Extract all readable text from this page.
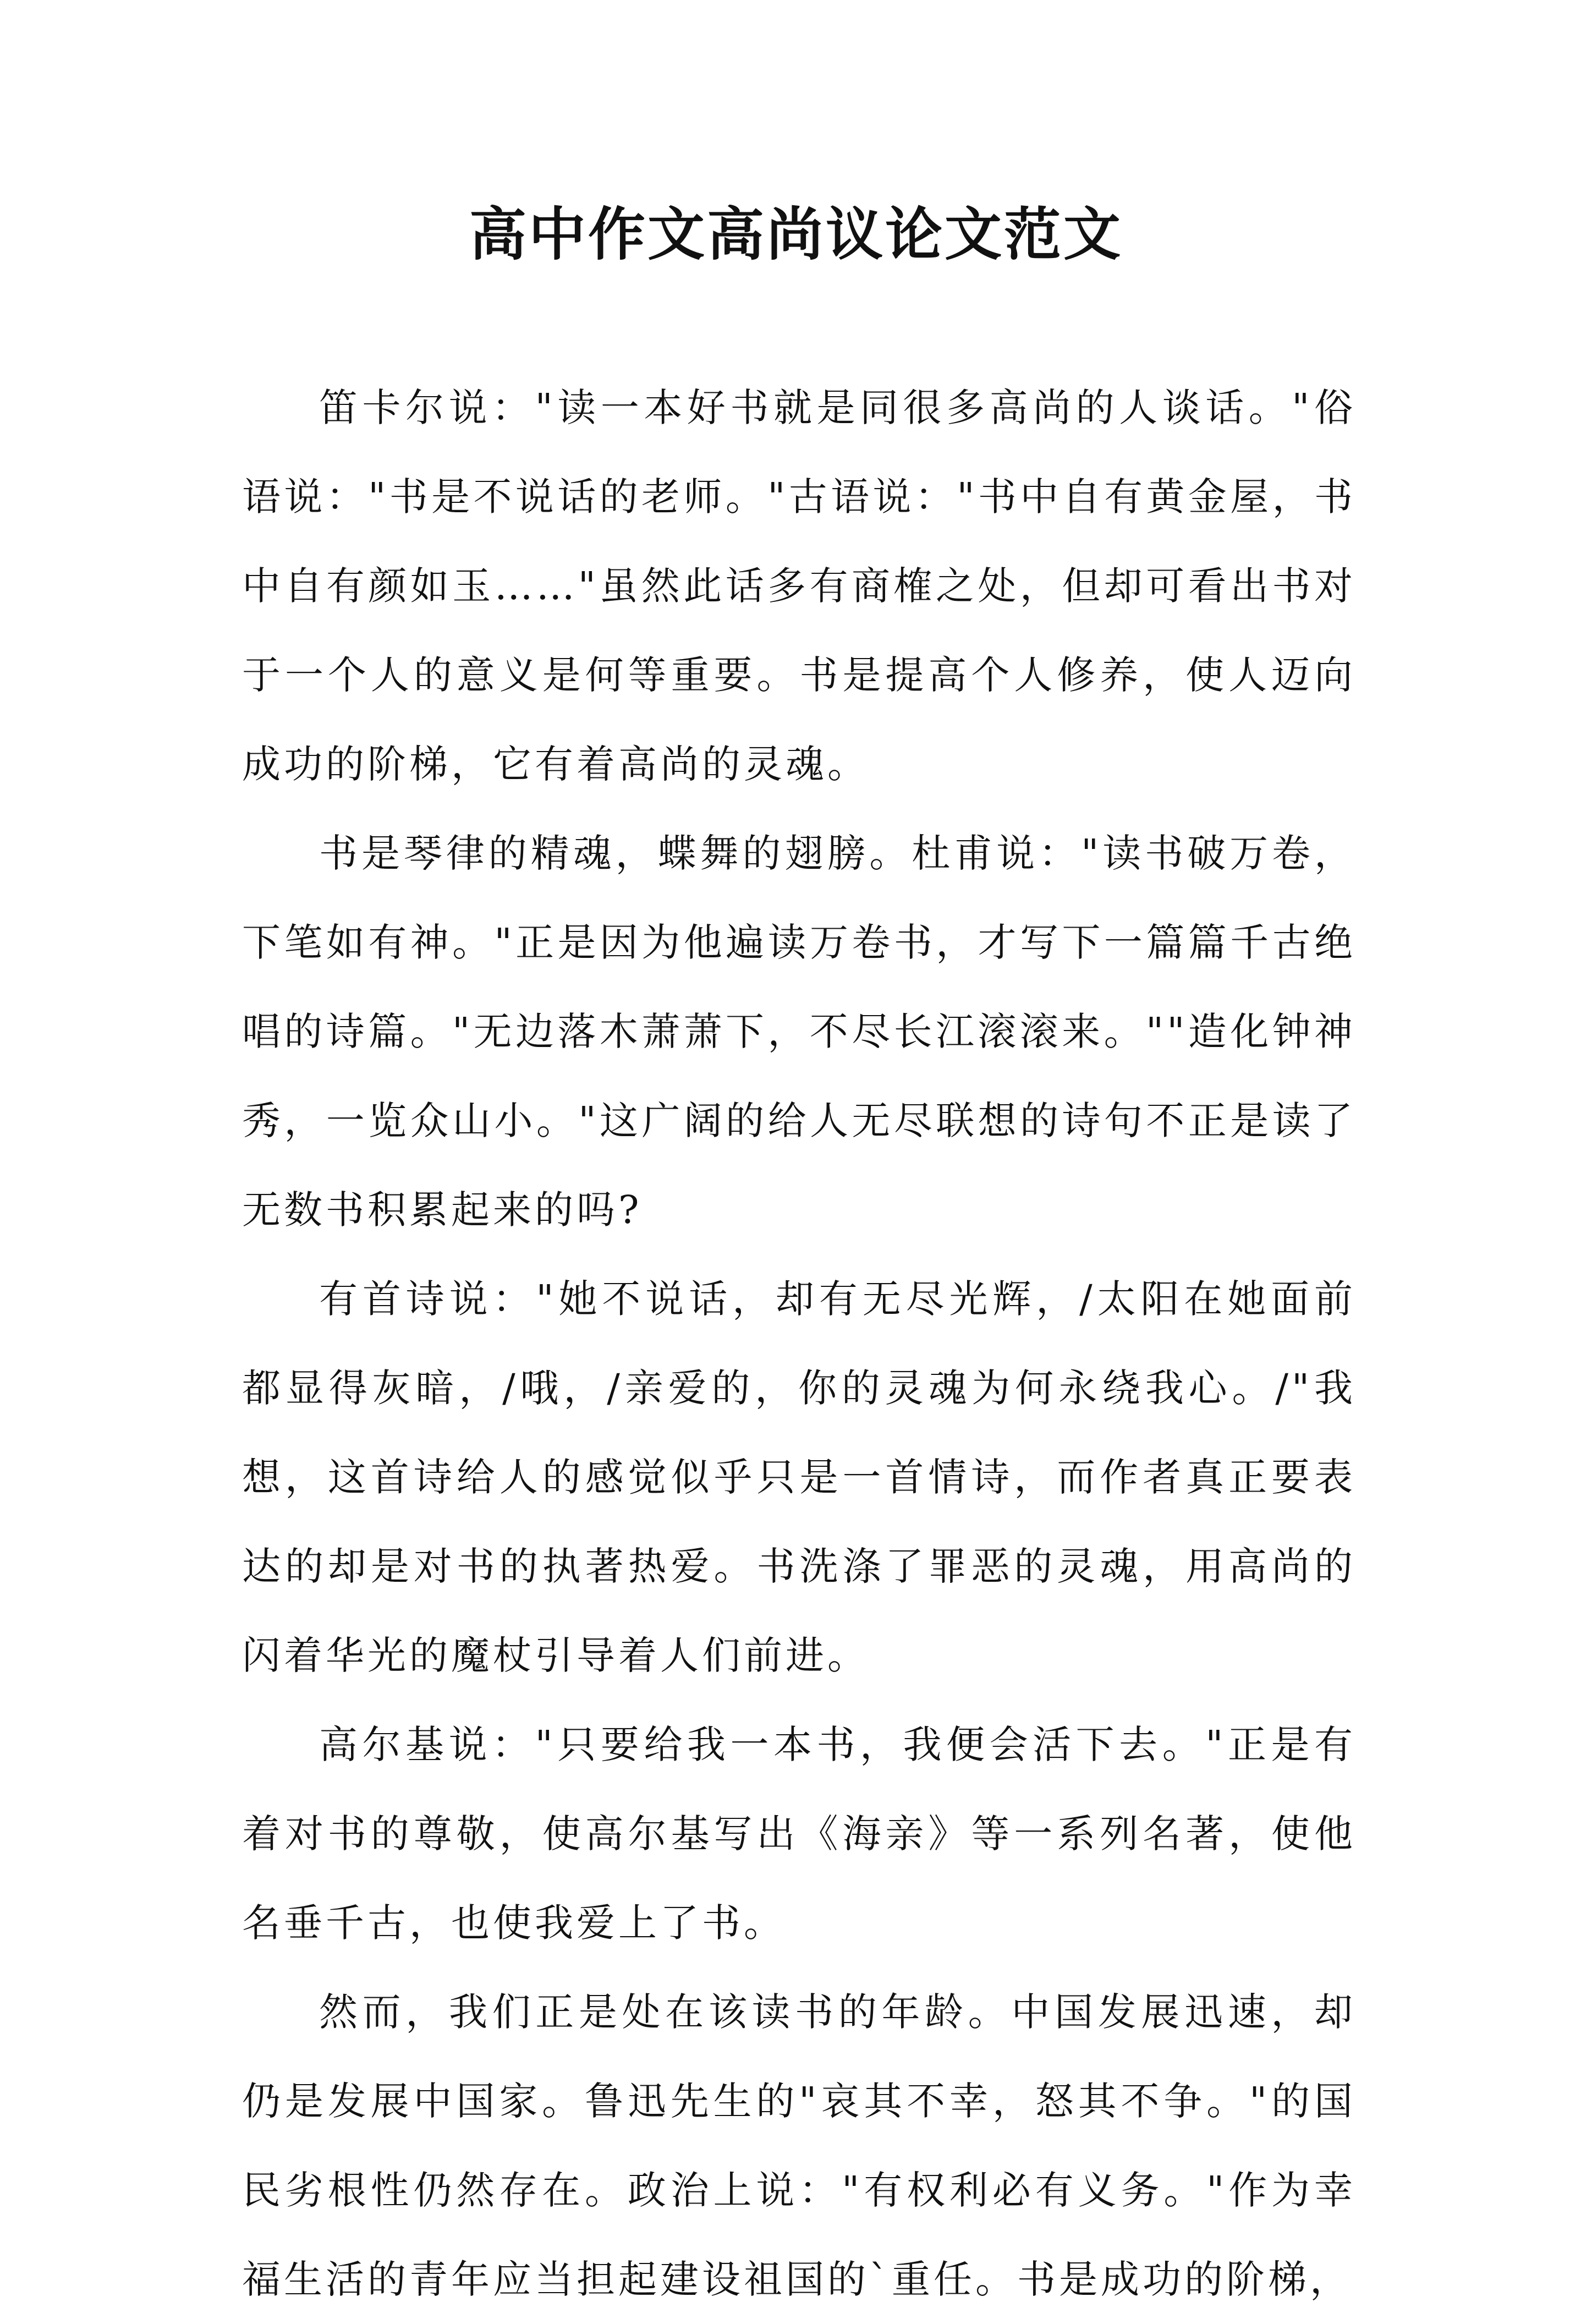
高中作文高尚议论文范文

笛卡尔说："读一本好书就是同很多高尚的人谈话。"俗语说："书是不说话的老师。"古语说："书中自有黄金屋，书中自有颜如玉……"虽然此话多有商榷之处，但却可看出书对于一个人的意义是何等重要。书是提高个人修养，使人迈向成功的阶梯，它有着高尚的灵魂。

书是琴律的精魂，蝶舞的翅膀。杜甫说："读书破万卷，下笔如有神。"正是因为他遍读万卷书，才写下一篇篇千古绝唱的诗篇。"无边落木萧萧下，不尽长江滚滚来。""造化钟神秀，一览众山小。"这广阔的给人无尽联想的诗句不正是读了无数书积累起来的吗?

有首诗说："她不说话，却有无尽光辉，/太阳在她面前都显得灰暗，/哦，/亲爱的，你的灵魂为何永绕我心。/"我想，这首诗给人的感觉似乎只是一首情诗，而作者真正要表达的却是对书的执著热爱。书洗涤了罪恶的灵魂，用高尚的闪着华光的魔杖引导着人们前进。

高尔基说："只要给我一本书，我便会活下去。"正是有着对书的尊敬，使高尔基写出《海亲》等一系列名著，使他名垂千古，也使我爱上了书。

然而，我们正是处在该读书的年龄。中国发展迅速，却仍是发展中国家。鲁迅先生的"哀其不幸，怒其不争。"的国民劣根性仍然存在。政治上说："有权利必有义务。"作为幸福生活的青年应当担起建设祖国的`重任。书是成功的阶梯，
